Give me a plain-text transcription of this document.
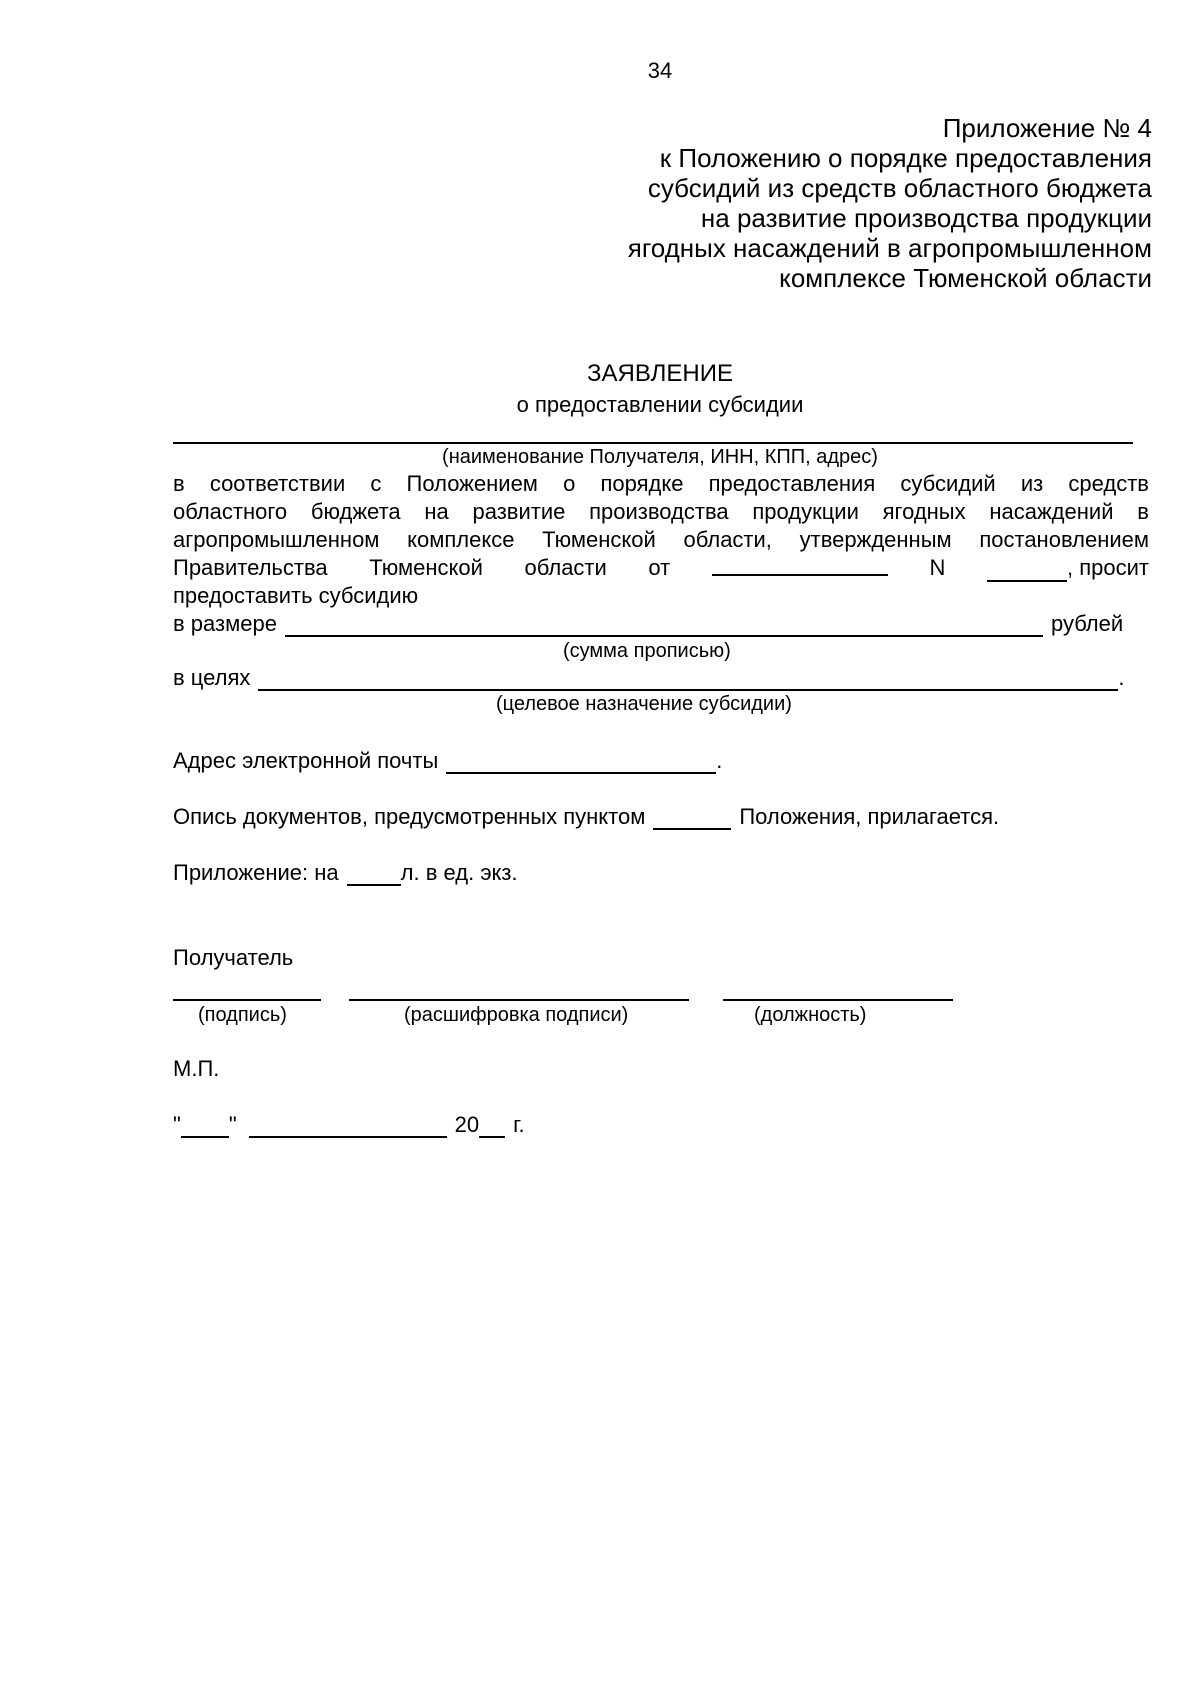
34
Приложение № 4
к Положению о порядке предоставления
субсидий из средств областного бюджета
на развитие производства продукции
ягодных насаждений в агропромышленном
комплексе Тюменской области
ЗАЯВЛЕНИЕ
о предоставлении субсидии
(наименование Получателя, ИНН, КПП, адрес)
в соответствии с Положением о порядке предоставления субсидий из средств
областного бюджета на развитие производства продукции ягодных насаждений в
агропромышленном комплексе Тюменской области, утвержденным постановлением
Правительства Тюменской области от	N	, просит
предоставить субсидию
в размере	рублей
(сумма прописью)
в целях	.
(целевое назначение субсидии)
Адрес электронной почты	.
Опись документов, предусмотренных пунктом	Положения, прилагается.
Приложение: на	л. в ед. экз.
Получатель
(подпись)	(расшифровка подписи)	(должность)
М.П.
" "	20 г.
